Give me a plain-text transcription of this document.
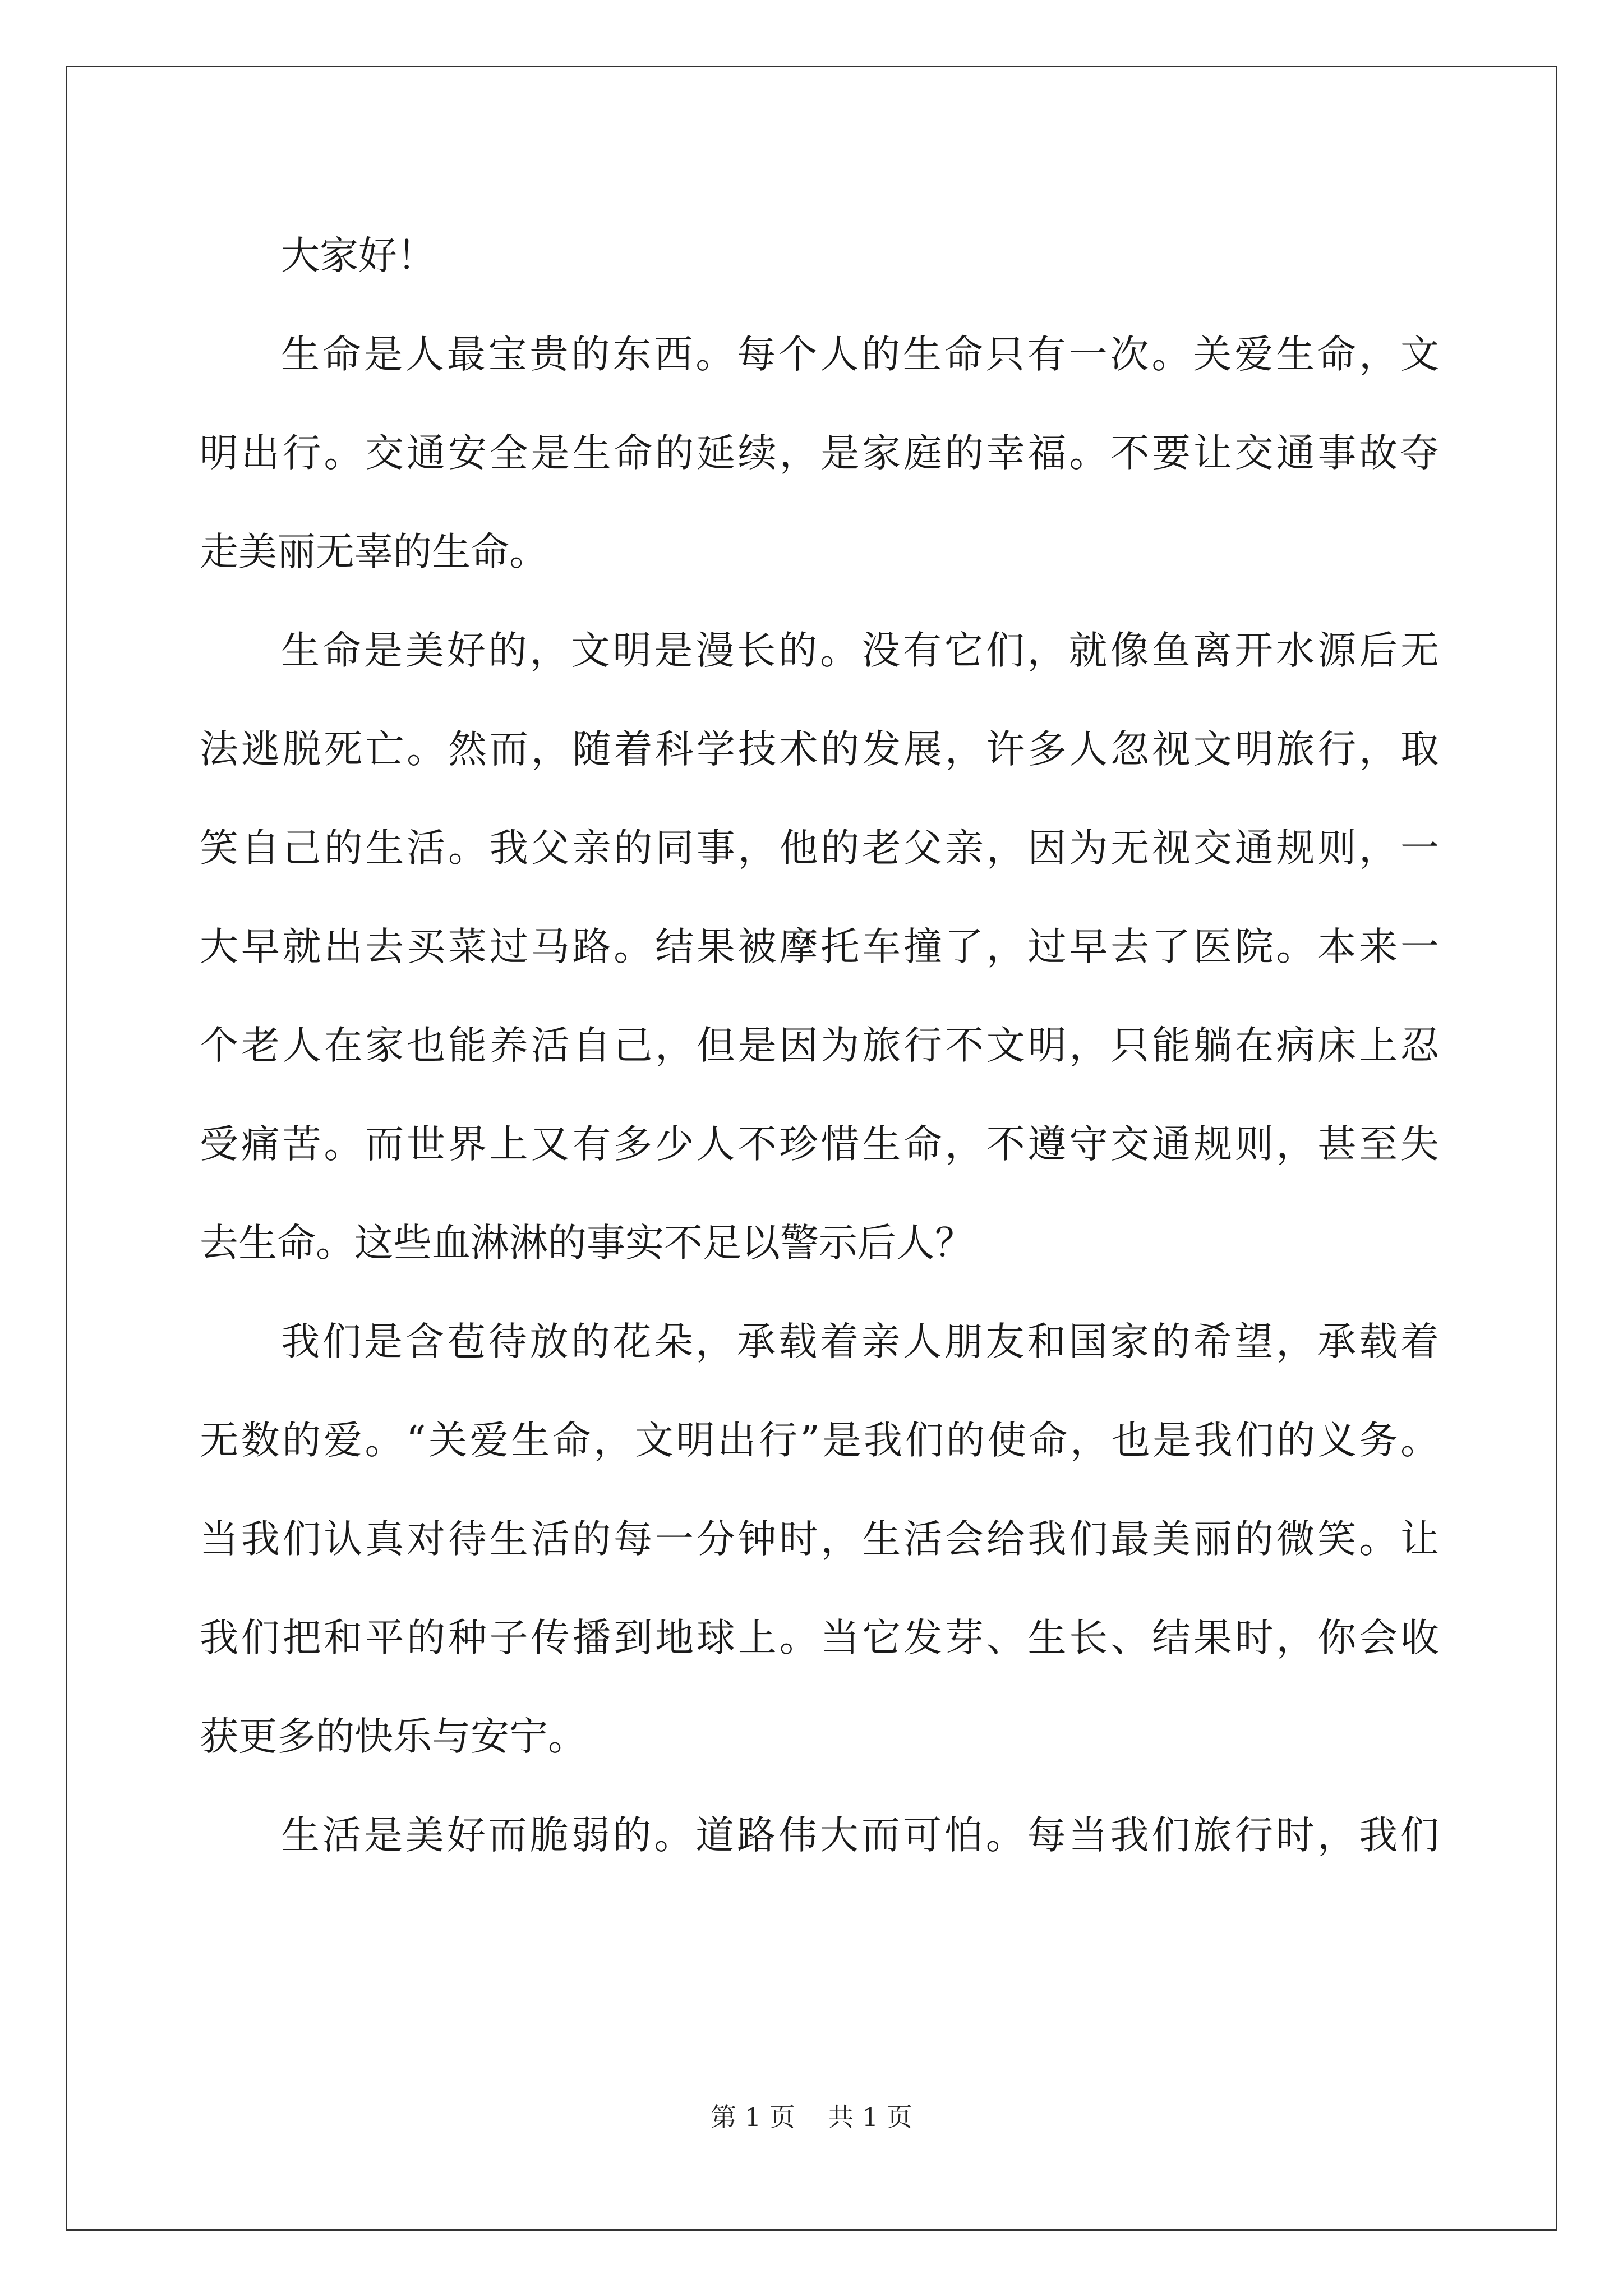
大家好！
生命是人最宝贵的东西。每个人的生命只有一次。关爱生命，文
明出行。交通安全是生命的延续，是家庭的幸福。不要让交通事故夺
走美丽无辜的生命。
生命是美好的，文明是漫长的。没有它们，就像鱼离开水源后无
法逃脱死亡。然而，随着科学技术的发展，许多人忽视文明旅行，取
笑自己的生活。我父亲的同事，他的老父亲，因为无视交通规则，一
大早就出去买菜过马路。结果被摩托车撞了，过早去了医院。本来一
个老人在家也能养活自己，但是因为旅行不文明，只能躺在病床上忍
受痛苦。而世界上又有多少人不珍惜生命，不遵守交通规则，甚至失
去生命。这些血淋淋的事实不足以警示后人？
我们是含苞待放的花朵，承载着亲人朋友和国家的希望，承载着
无数的爱。“关爱生命，文明出行”是我们的使命，也是我们的义务。
当我们认真对待生活的每一分钟时，生活会给我们最美丽的微笑。让
我们把和平的种子传播到地球上。当它发芽、生长、结果时，你会收
获更多的快乐与安宁。
生活是美好而脆弱的。道路伟大而可怕。每当我们旅行时，我们
第 1 页    共 1 页
